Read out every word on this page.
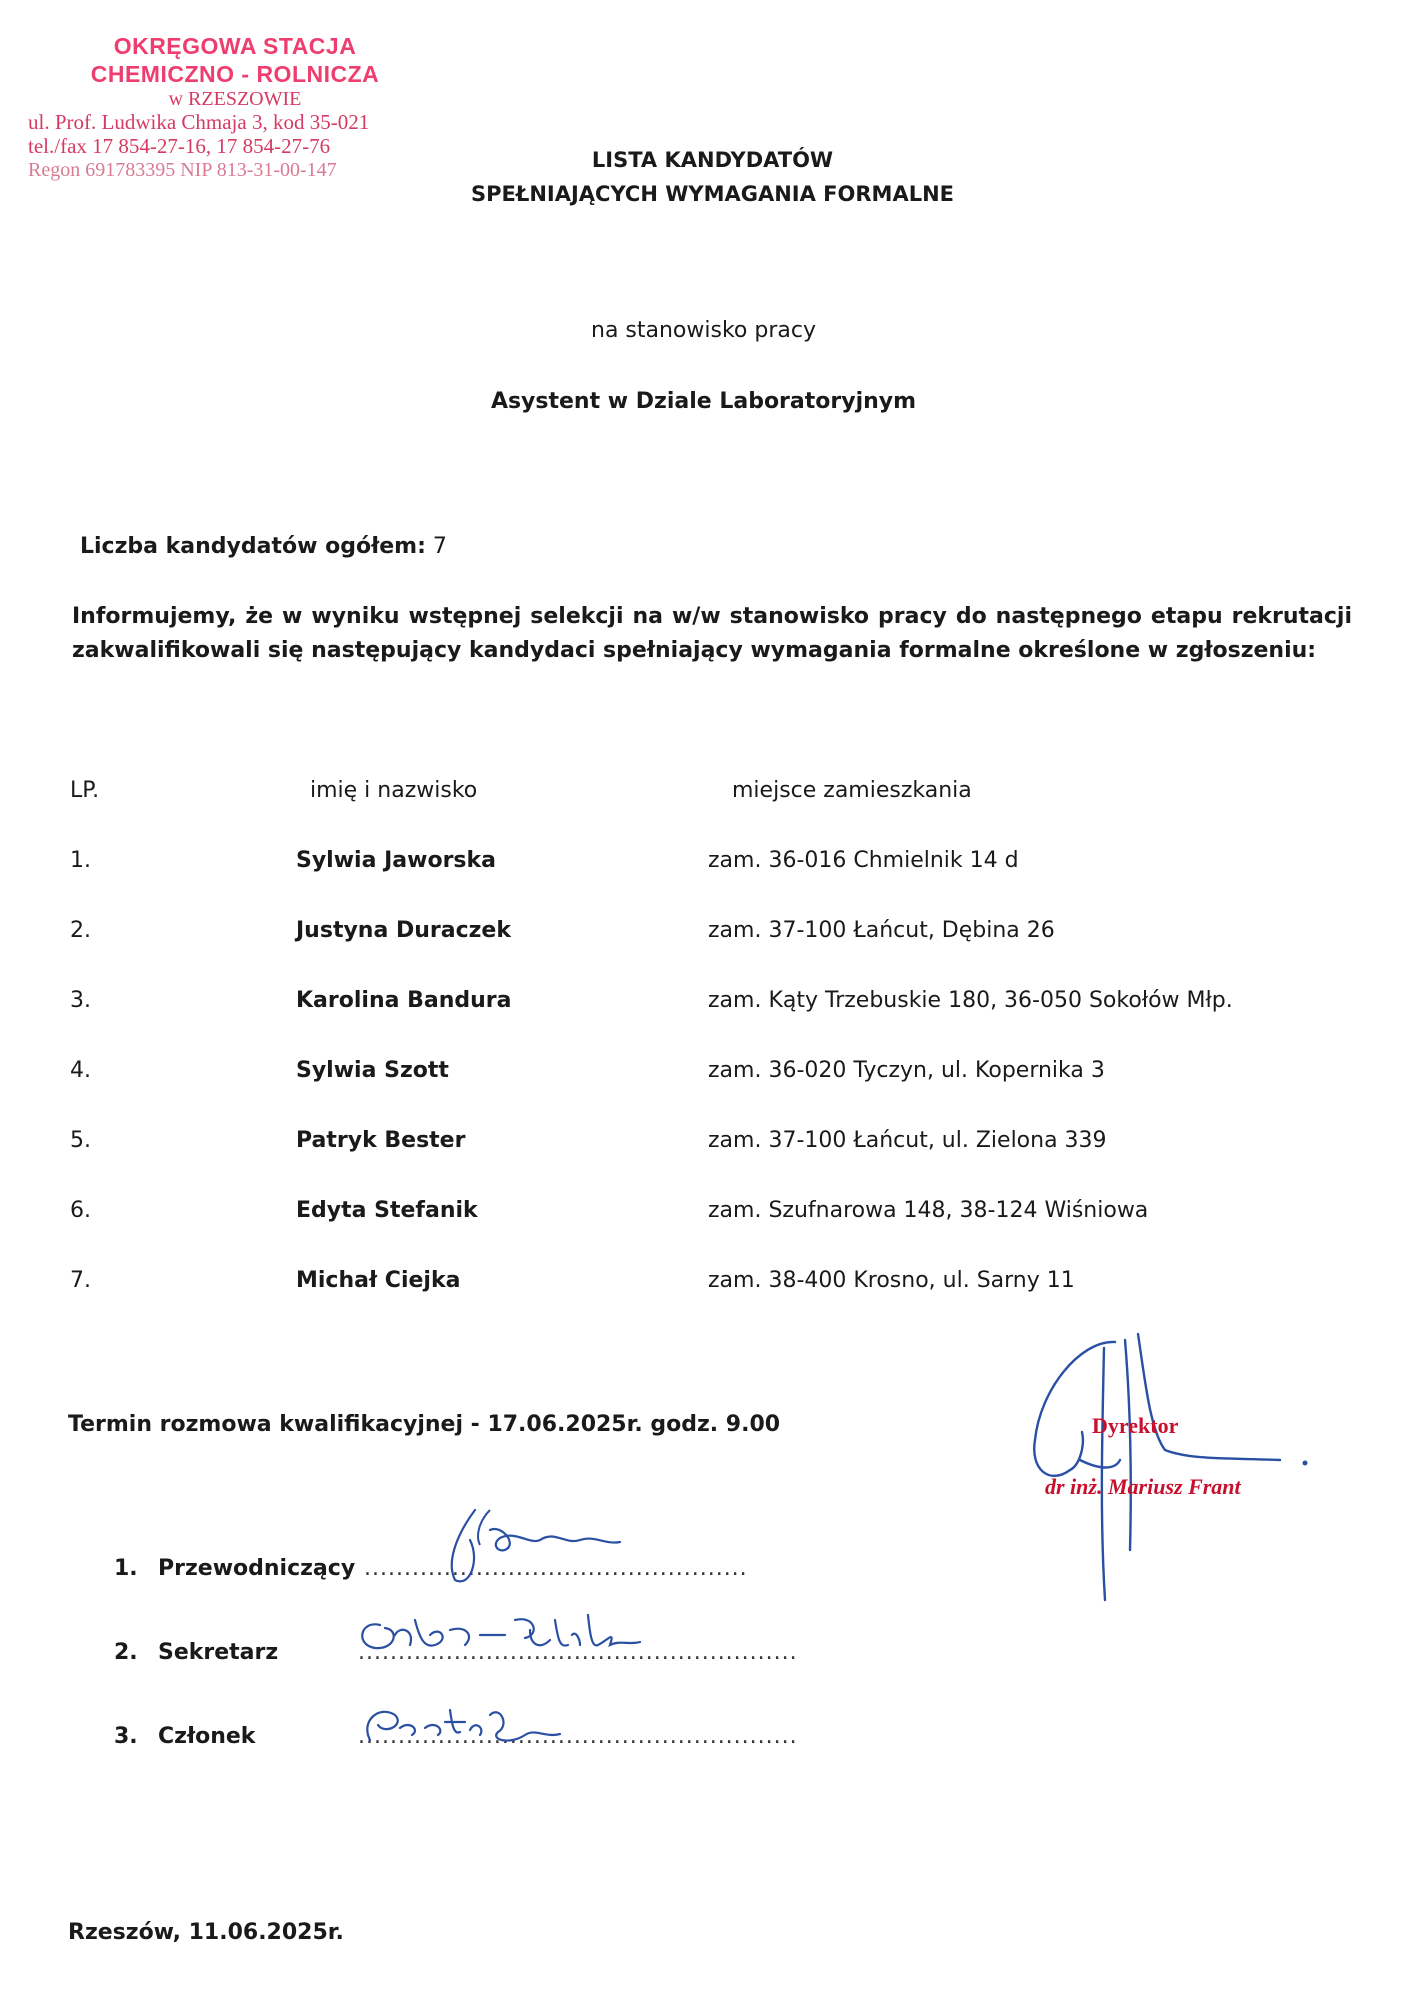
OKRĘGOWA STACJA
CHEMICZNO - ROLNICZA
w RZESZOWIE
ul. Prof. Ludwika Chmaja 3, kod 35-021
tel./fax 17 854-27-16, 17 854-27-76
Regon 691783395 NIP 813-31-00-147	LISTA KANDYDATÓW
SPEŁNIAJĄCYCH WYMAGANIA FORMALNE
na stanowisko pracy
Asystent w Dziale Laboratoryjnym
Liczba kandydatów ogółem: 7
Informujemy, że w wyniku wstępnej selekcji na w/w stanowisko pracy do następnego etapu rekrutacji zakwalifikowali się następujący kandydaci spełniający wymagania formalne określone w zgłoszeniu:
LP.	imię i nazwisko	miejsce zamieszkania
1.	Sylwia Jaworska	zam. 36-016 Chmielnik 14 d
2.	Justyna Duraczek	zam. 37-100 Łańcut, Dębina 26
3.	Karolina Bandura	zam. Kąty Trzebuskie 180, 36-050 Sokołów Młp.
4.	Sylwia Szott	zam. 36-020 Tyczyn, ul. Kopernika 3
5.	Patryk Bester	zam. 37-100 Łańcut, ul. Zielona 339
6.	Edyta Stefanik	zam. Szufnarowa 148, 38-124 Wiśniowa
7.	Michał Ciejka	zam. 38-400 Krosno, ul. Sarny 11
Termin rozmowa kwalifikacyjnej - 17.06.2025r. godz. 9.00	Dyrektor
dr inż. Mariusz Frant
1. Przewodniczący ................................................
2. Sekretarz	.......................................................
3. Członek	.......................................................
Rzeszów, 11.06.2025r.
